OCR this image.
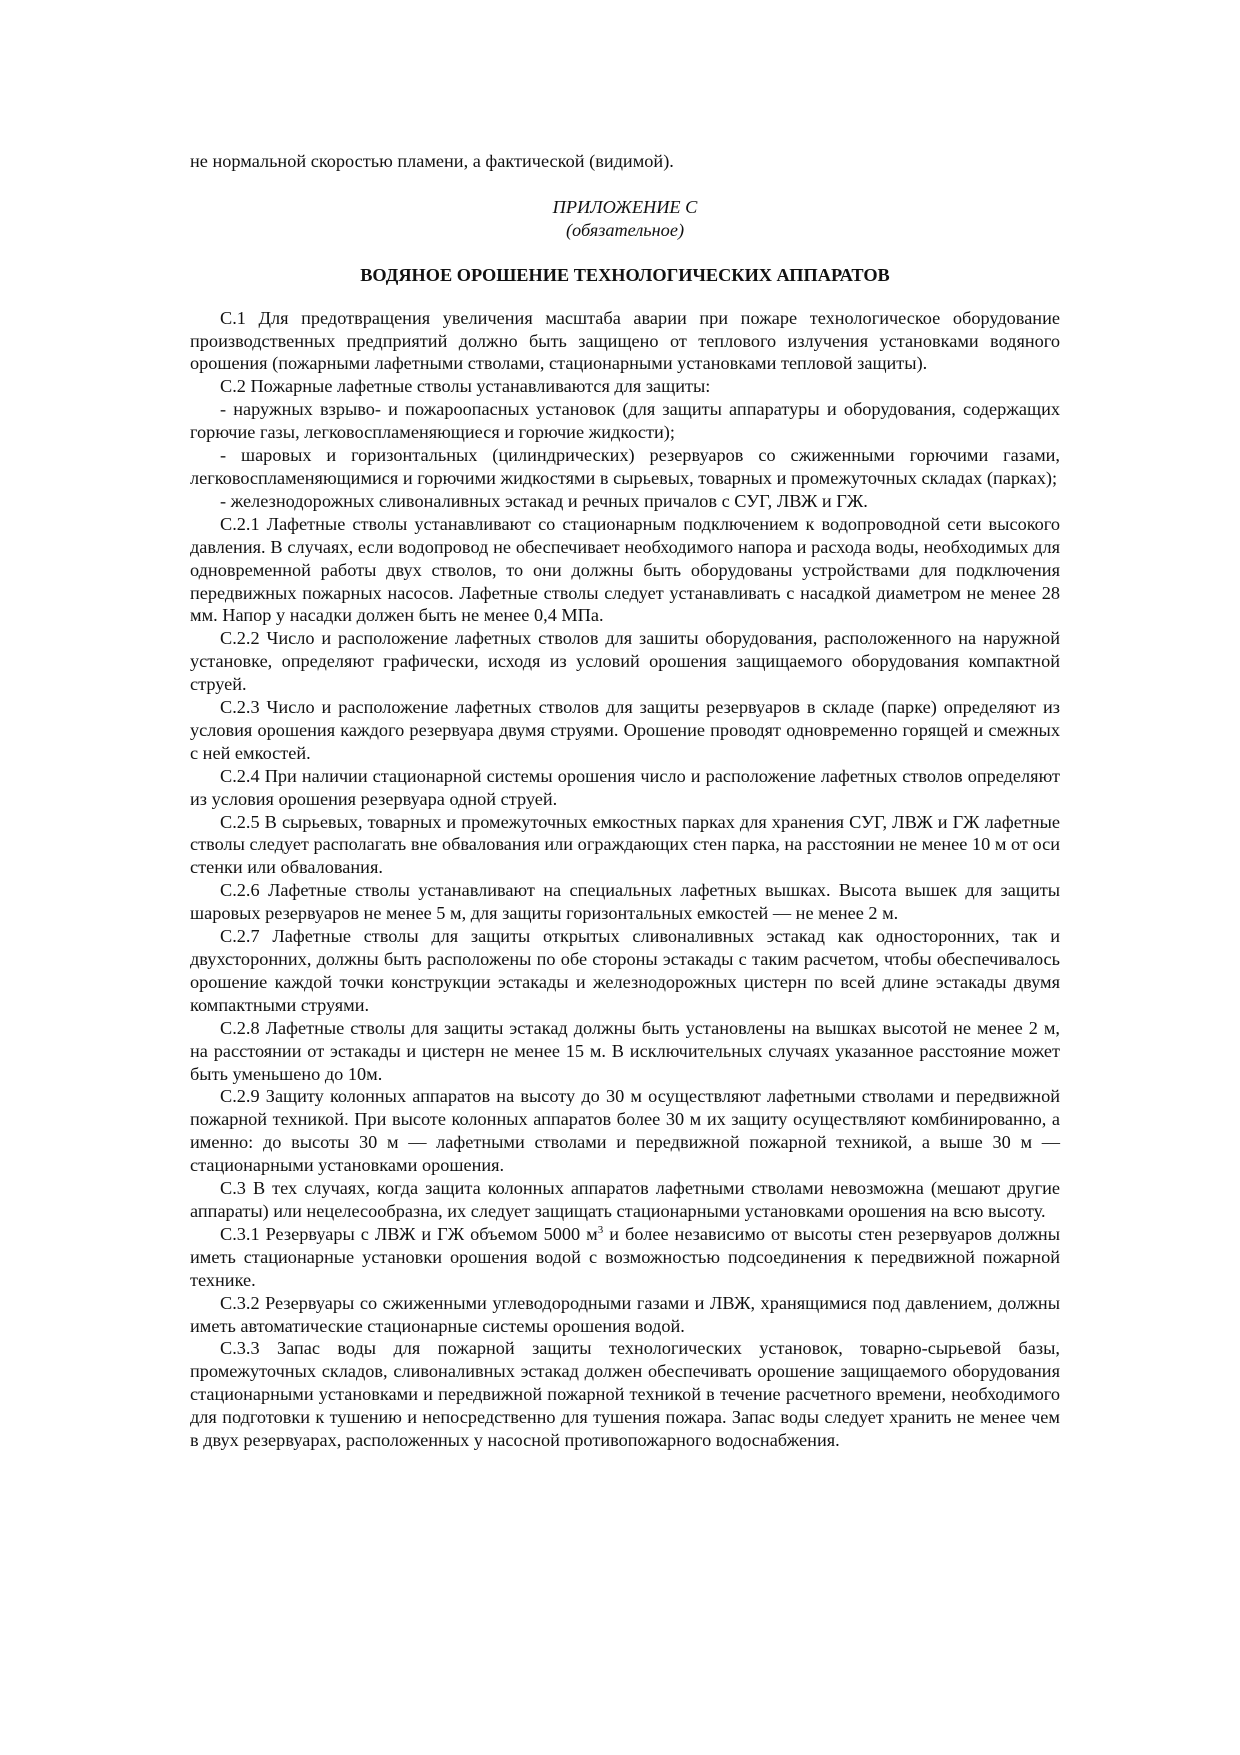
не нормальной скоростью пламени, а фактической (видимой).

ПРИЛОЖЕНИЕ С

(обязательное)

ВОДЯНОЕ ОРОШЕНИЕ ТЕХНОЛОГИЧЕСКИХ АППАРАТОВ

С.1 Для предотвращения увеличения масштаба аварии при пожаре технологическое оборудование производственных предприятий должно быть защищено от теплового излучения установками водяного орошения (пожарными лафетными стволами, стационарными установками тепловой защиты).

С.2 Пожарные лафетные стволы устанавливаются для защиты:

- наружных взрыво- и пожароопасных установок (для защиты аппаратуры и оборудования, содержащих горючие газы, легковоспламеняющиеся и горючие жидкости);

- шаровых и горизонтальных (цилиндрических) резервуаров со сжиженными горючими газами, легковоспламеняющимися и горючими жидкостями в сырьевых, товарных и промежуточных складах (парках);

- железнодорожных сливоналивных эстакад и речных причалов с СУГ, ЛВЖ и ГЖ.

С.2.1 Лафетные стволы устанавливают со стационарным подключением к водопроводной сети высокого давления. В случаях, если водопровод не обеспечивает необходимого напора и расхода воды, необходимых для одновременной работы двух стволов, то они должны быть оборудованы устройствами для подключения передвижных пожарных насосов. Лафетные стволы следует устанавливать с насадкой диаметром не менее 28 мм. Напор у насадки должен быть не менее 0,4 МПа.

С.2.2 Число и расположение лафетных стволов для зашиты оборудования, расположенного на наружной установке, определяют графически, исходя из условий орошения защищаемого оборудования компактной струей.

С.2.3 Число и расположение лафетных стволов для защиты резервуаров в складе (парке) определяют из условия орошения каждого резервуара двумя струями. Орошение проводят одновременно горящей и смежных с ней емкостей.

С.2.4 При наличии стационарной системы орошения число и расположение лафетных стволов определяют из условия орошения резервуара одной струей.

С.2.5 В сырьевых, товарных и промежуточных емкостных парках для хранения СУГ, ЛВЖ и ГЖ лафетные стволы следует располагать вне обвалования или ограждающих стен парка, на расстоянии не менее 10 м от оси стенки или обвалования.

С.2.6 Лафетные стволы устанавливают на специальных лафетных вышках. Высота вышек для защиты шаровых резервуаров не менее 5 м, для защиты горизонтальных емкостей — не менее 2 м.

С.2.7 Лафетные стволы для защиты открытых сливоналивных эстакад как односторонних, так и двухсторонних, должны быть расположены по обе стороны эстакады с таким расчетом, чтобы обеспечивалось орошение каждой точки конструкции эстакады и железнодорожных цистерн по всей длине эстакады двумя компактными струями.

С.2.8 Лафетные стволы для защиты эстакад должны быть установлены на вышках высотой не менее 2 м, на расстоянии от эстакады и цистерн не менее 15 м. В исключительных случаях указанное расстояние может быть уменьшено до 10м.

С.2.9 Защиту колонных аппаратов на высоту до 30 м осуществляют лафетными стволами и передвижной пожарной техникой. При высоте колонных аппаратов более 30 м их защиту осуществляют комбинированно, а именно: до высоты 30 м — лафетными стволами и передвижной пожарной техникой, а выше 30 м — стационарными установками орошения.

С.3 В тех случаях, когда защита колонных аппаратов лафетными стволами невозможна (мешают другие аппараты) или нецелесообразна, их следует защищать стационарными установками орошения на всю высоту.

С.3.1 Резервуары с ЛВЖ и ГЖ объемом 5000 $м^3$ и более независимо от высоты стен резервуаров должны иметь стационарные установки орошения водой с возможностью подсоединения к передвижной пожарной технике.

С.3.2 Резервуары со сжиженными углеводородными газами и ЛВЖ, хранящимися под давлением, должны иметь автоматические стационарные системы орошения водой.

С.3.3 Запас воды для пожарной защиты технологических установок, товарно-сырьевой базы, промежуточных складов, сливоналивных эстакад должен обеспечивать орошение защищаемого оборудования стационарными установками и передвижной пожарной техникой в течение расчетного времени, необходимого для подготовки к тушению и непосредственно для тушения пожара. Запас воды следует хранить не менее чем в двух резервуарах, расположенных у насосной противопожарного водоснабжения.
